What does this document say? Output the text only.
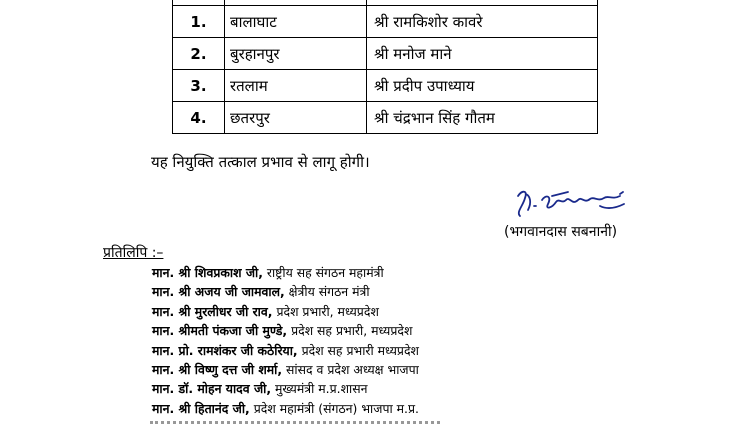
1.	बालाघाट	श्री रामकिशोर कावरे
2.	बुरहानपुर	श्री मनोज माने
3.	रतलाम	श्री प्रदीप उपाध्याय
4.	छतरपुर	श्री चंद्रभान सिंह गौतम
यह नियुक्ति तत्काल प्रभाव से लागू होगी।
(भगवानदास सबनानी)
प्रतिलिपि :–
मान. श्री शिवप्रकाश जी, राष्ट्रीय सह संगठन महामंत्री
मान. श्री अजय जी जामवाल, क्षेत्रीय संगठन मंत्री
मान. श्री मुरलीधर जी राव, प्रदेश प्रभारी, मध्यप्रदेश
मान. श्रीमती पंकजा जी मुण्डे, प्रदेश सह प्रभारी, मध्यप्रदेश
मान. प्रो. रामशंकर जी कठेरिया, प्रदेश सह प्रभारी मध्यप्रदेश
मान. श्री विष्णु दत्त जी शर्मा, सांसद व प्रदेश अध्यक्ष भाजपा
मान. डॉ. मोहन यादव जी, मुख्यमंत्री म.प्र.शासन
मान. श्री हितानंद जी, प्रदेश महामंत्री (संगठन) भाजपा म.प्र.
